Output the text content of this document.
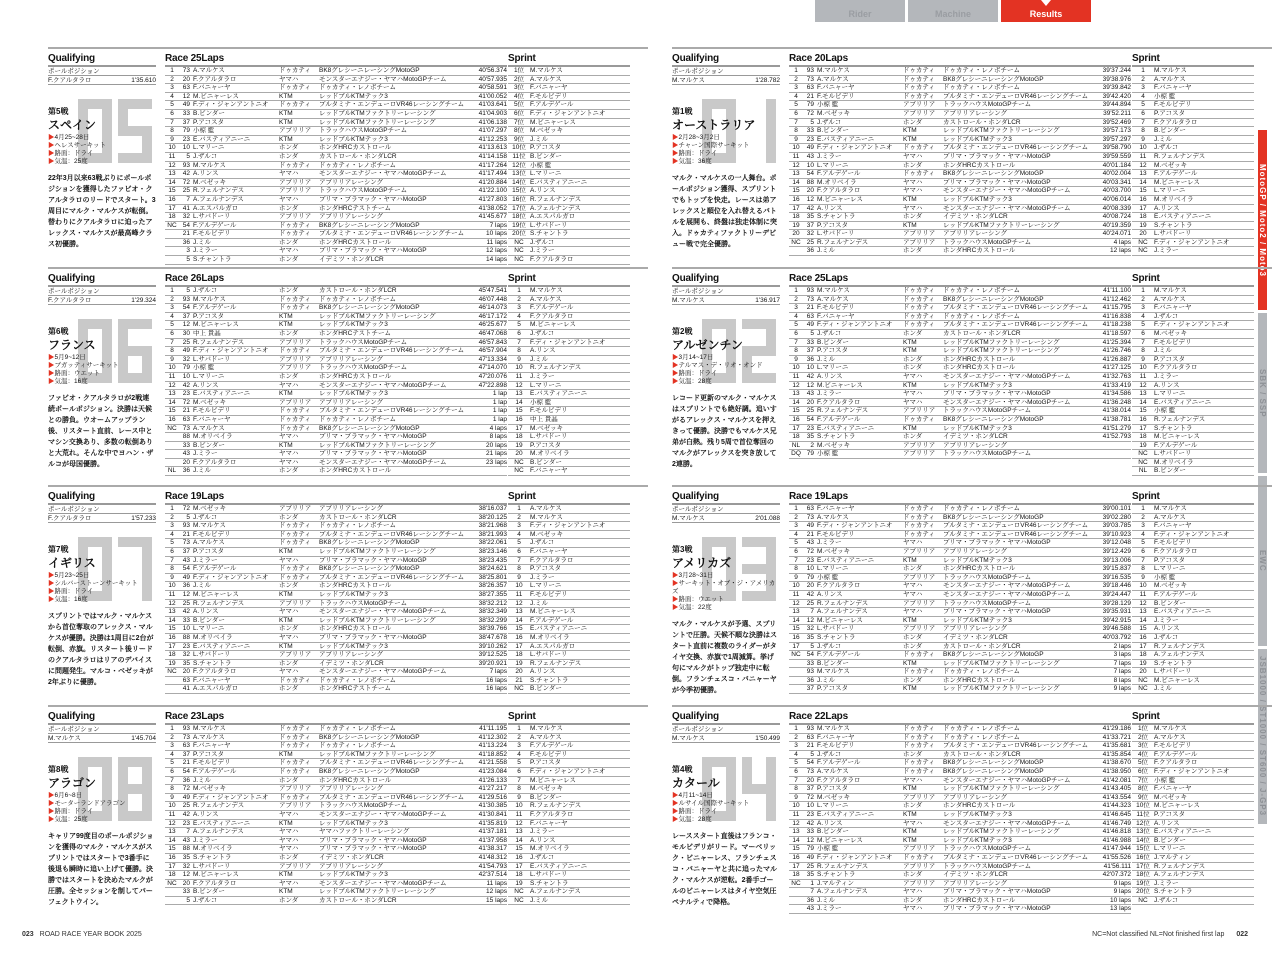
Rider	Machine	Results
MotoGP / Moto2 / Moto3
SBK / SSP
EWC
JSB1000 / ST1000 / ST600 / J-GP3
Qualifying
ポールポジション
F.クアルタラロ	1'35.610
第5戦
スペイン
▶4月25~28日
▶ヘレスサーキット
▶路面：ドライ
▶気温：25度
22年3月以来63戦ぶりにポールポジションを獲得したファビオ・クアルタラロのリードでスタート。3周目にマルク・マルケスが転倒。替わりにクアルタラロに迫ったアレックス・マルケスが最高峰クラス初優勝。
Race 25Laps
1	73 A.マルケス	ドゥカティ	BK8グレシーニレーシングMotoGP	40'56.374
2	20 F.クアルタラロ	ヤマハ	モンスターエナジー・ヤマハMotoGPチーム	40'57.935
3	63 F.バニャーヤ	ドゥカティ	ドゥカティ・レノボチーム	40'58.591
4	12 M.ビニャーレス	KTM	レッドブルKTMテック3	41'00.052
5	49 F.ディ・ジャンアントニオ	ドゥカティ	プルタミナ・エンデューロVR46レーシングチーム	41'03.641
6	33 B.ビンダー	KTM	レッドブルKTMファクトリーレーシング	41'04.903
7	37 P.アコスタ	KTM	レッドブルKTMファクトリーレーシング	41'06.138
8	79 小椋 藍	アプリリア	トラックハウスMotoGPチーム	41'07.297
9	23 E.バスティアニーニ	KTM	レッドブルKTMテック3	41'12.253
10	10 L.マリーニ	ホンダ	ホンダHRCカストロール	41'13.613
11	5 J.ザルコ	ホンダ	カストロール・ホンダLCR	41'14.158
12	93 M.マルケス	ドゥカティ	ドゥカティ・レノボチーム	41'17.264
13	42 A.リンス	ヤマハ	モンスターエナジー・ヤマハMotoGPチーム	41'17.494
14	72 M.ベゼッキ	アプリリア	アプリリアレーシング	41'20.884
15	25 R.フェルナンデス	アプリリア	トラックハウスMotoGPチーム	41'22.100
16	7 A.フェルナンデス	ヤマハ	プリマ・プラマック・ヤマハMotoGP	41'27.803
17	41 A.エスパルガロ	ホンダ	ホンダHRCテストチーム	41'38.052
18	32 L.サバドーリ	アプリリア	アプリリアレーシング	41'45.677
NC 54 F.アルデゲール	ドゥカティ	BK8グレシーニレーシングMotoGP	7 laps
21 F.モルビデリ	ドゥカティ	プルタミナ・エンデューロVR46レーシングチーム	10 laps
36 J.ミル	ホンダ	ホンダHRCカストロール	11 laps
3 J.ミラー	ヤマハ	プリマ・プラマック・ヤマハMotoGP	12 laps
5 S.チャントラ	ホンダ	イデミツ・ホンダLCR	14 laps
Sprint
1位 M.マルケス
2位 A.マルケス
3位 F.バニャーヤ
4位 F.モルビデリ
5位 F.アルデゲール
6位 F.ディ・ジャンアントニオ
7位 M.ビニャーレス
8位 M.ベゼッキ
9位 J.ミル
10位 P.アコスタ
11位 B.ビンダー
12位 小椋 藍
13位 L.マリーニ
14位 E.バスティアニーニ
15位 A.リンス
16位 R.フェルナンデス
17位 A.フェルナンデス
18位 A.エスパルガロ
19位 L.サバドーリ
20位 S.チャントラ
NC J.ザルコ
NC J.ミラー
NC F.クアルタラロ
Qualifying
ポールポジション
F.クアルタラロ	1'29.324
第6戦
フランス
▶5月9~12日
▶ブガッティサーキット
▶路面：ウエット
▶気温：16度
ファビオ・クアルタラロが2戦連続ポールポジション。決勝は天候との勝負。ウオームアップラン後、リスタート直前、レース中とマシン交換あり、多数の転倒ありと大荒れ。そんな中でヨハン・ザルコが母国優勝。
Race 26Laps
1	5 J.ザルコ	ホンダ	カストロール・ホンダLCR	45'47.541
2	93 M.マルケス	ドゥカティ	ドゥカティ・レノボチーム	46'07.448
3	54 F.アルデゲール	ドゥカティ	BK8グレシーニレーシングMotoGP	46'14.073
4	37 P.アコスタ	KTM	レッドブルKTMファクトリーレーシング	46'17.172
5	12 M.ビニャーレス	KTM	レッドブルKTMテック3	46'25.677
6	30 中上 貴晶	ホンダ	ホンダHRCテストチーム	46'47.068
7	25 R.フェルナンデス	アプリリア	トラックハウスMotoGPチーム	46'57.843
8	49 F.ディ・ジャンアントニオ	ドゥカティ	プルタミナ・エンデューロVR46レーシングチーム	46'57.904
9	32 L.サバドーリ	アプリリア	アプリリアレーシング	47'13.334
10	79 小椋 藍	アプリリア	トラックハウスMotoGPチーム	47'14.070
11	10 L.マリーニ	ホンダ	ホンダHRCカストロール	47'20.076
12	42 A.リンス	ヤマハ	モンスターエナジー・ヤマハMotoGPチーム	47'22.898
13	23 E.バスティアニーニ	KTM	レッドブルKTMテック3	1 lap
14	72 M.ベゼッキ	アプリリア	アプリリアレーシング	1 lap
15	21 F.モルビデリ	ドゥカティ	プルタミナ・エンデューロVR46レーシングチーム	1 lap
16	63 F.バニャーヤ	ドゥカティ	ドゥカティ・レノボチーム	1 lap
NC 73 A.マルケス	ドゥカティ	BK8グレシーニレーシングMotoGP	4 laps
88 M.オリベイラ	ヤマハ	プリマ・プラマック・ヤマハMotoGP	8 laps
33 B.ビンダー	KTM	レッドブルKTMファクトリーレーシング	20 laps
43 J.ミラー	ヤマハ	プリマ・プラマック・ヤマハMotoGP	21 laps
20 F.クアルタラロ	ヤマハ	モンスターエナジー・ヤマハMotoGPチーム	23 laps
NL	36 J.ミル	ホンダ	ホンダHRCカストロール
Sprint
1	M.マルケス
2	A.マルケス
3	F.アルデゲール
4	F.クアルタラロ
5	M.ビニャーレス
6	J.ザルコ
7	F.ディ・ジャンアントニオ
8	A.リンス
9	J.ミル
10	R.フェルナンデス
11	J.ミラー
12	L.マリーニ
13	E.バスティアニーニ
14	小椋 藍
15	F.モルビデリ
16	中上 貴晶
17	M.ベゼッキ
18	L.サバドーリ
19	P.アコスタ
20	M.オリベイラ
NC B.ビンダー
NC F.バニャーヤ
Qualifying
ポールポジション
F.クアルタラロ	1'57.233
第7戦
イギリス
▶5月23~25日
▶シルバーストーンサーキット
▶路面：ドライ
▶気温：16度
スプリントではマルク・マルケスから首位奪取のアレックス・マルケスが優勝。決勝は1周目に2台が転倒、赤旗。リスタート後リードのクアルタラロはリアのデバイスに問題発生。マルコ・ベゼッキが2年ぶりに優勝。
Race 19Laps
1	72 M.ベゼッキ	アプリリア	アプリリアレーシング	38'16.037
2	5 J.ザルコ	ホンダ	カストロール・ホンダLCR	38'20.125
3	93 M.マルケス	ドゥカティ	ドゥカティ・レノボチーム	38'21.968
4	21 F.モルビデリ	ドゥカティ	プルタミナ・エンデューロVR46レーシングチーム	38'21.993
5	73 A.マルケス	ドゥカティ	BK8グレシーニレーシングMotoGP	38'22.061
6	37 P.アコスタ	KTM	レッドブルKTMファクトリーレーシング	38'23.146
7	43 J.ミラー	ヤマハ	プリマ・プラマック・ヤマハMotoGP	38'23.435
8	54 F.アルデゲール	ドゥカティ	BK8グレシーニレーシングMotoGP	38'24.621
9	49 F.ディ・ジャンアントニオ	ドゥカティ	プルタミナ・エンデューロVR46レーシングチーム	38'25.801
10	36 J.ミル	ホンダ	ホンダHRCカストロール	38'26.357
11	12 M.ビニャーレス	KTM	レッドブルKTMテック3	38'27.355
12	25 R.フェルナンデス	アプリリア	トラックハウスMotoGPチーム	38'32.212
13	42 A.リンス	ヤマハ	モンスターエナジー・ヤマハMotoGPチーム	38'32.349
14	33 B.ビンダー	KTM	レッドブルKTMファクトリーレーシング	38'32.299
15	10 L.マリーニ	ホンダ	ホンダHRCカストロール	38'39.766
16	88 M.オリベイラ	ヤマハ	プリマ・プラマック・ヤマハMotoGP	38'47.678
17	23 E.バスティアニーニ	KTM	レッドブルKTMテック3	39'10.262
18	32 L.サバドーリ	アプリリア	アプリリアレーシング	39'12.525
19	35 S.チャントラ	ホンダ	イデミツ・ホンダLCR	39'20.921
NC 20 F.クアルタラロ	ヤマハ	モンスターエナジー・ヤマハMotoGPチーム	7 laps
63 F.バニャーヤ	ドゥカティ	ドゥカティ・レノボチーム	16 laps
41 A.エスパルガロ	ホンダ	ホンダHRCテストチーム	16 laps
Sprint
1	A.マルケス
2	M.マルケス
3	F.ディ・ジャンアントニオ
4	M.ベゼッキ
5	J.ザルコ
6	F.バニャーヤ
7	F.クアルタラロ
8	P.アコスタ
9	J.ミラー
10	L.マリーニ
11	F.モルビデリ
12	J.ミル
13	M.ビニャーレス
14	F.アルデゲール
15	E.バスティアニーニ
16	M.オリベイラ
17	A.エスパルガロ
18	L.サバドーリ
19	R.フェルナンデス
20	A.リンス
21	S.チャントラ
NC B.ビンダー
Qualifying
ポールポジション
M.マルケス	1'45.704
第8戦
アラゴン
▶6月6~8日
▶モーターランドアラゴン
▶路面：ドライ
▶気温：25度
キャリア99度目のポールポジションを獲得のマルク・マルケスがスプリントではスタートで3番手に後退も瞬時に追い上げて優勝。決勝ではスタートを決めたマルクが圧勝。全セッションを制してパーフェクトウイン。
Race 23Laps
1	93 M.マルケス	ドゥカティ	ドゥカティ・レノボチーム	41'11.195
2	73 A.マルケス	ドゥカティ	BK8グレシーニレーシングMotoGP	41'12.302
3	63 F.バニャーヤ	ドゥカティ	ドゥカティ・レノボチーム	41'13.224
4	37 P.アコスタ	KTM	レッドブルKTMファクトリーレーシング	41'18.852
5	21 F.モルビデリ	ドゥカティ	プルタミナ・エンデューロVR46レーシングチーム	41'21.558
6	54 F.アルデゲール	ドゥカティ	BK8グレシーニレーシングMotoGP	41'23.084
7	36 J.ミル	ホンダ	ホンダHRCカストロール	41'26.133
8	72 M.ベゼッキ	アプリリア	アプリリアレーシング	41'27.217
9	49 F.ディ・ジャンアントニオ	ドゥカティ	プルタミナ・エンデューロVR46レーシングチーム	41'29.516
10	25 R.フェルナンデス	アプリリア	トラックハウスMotoGPチーム	41'30.385
11	42 A.リンス	ヤマハ	モンスターエナジー・ヤマハMotoGPチーム	41'30.841
12	23 E.バスティアニーニ	KTM	レッドブルKTMテック3	41'35.819
13	7 A.フェルナンデス	ヤマハ	ヤマハファクトリーレーシング	41'37.181
14	43 J.ミラー	ヤマハ	プリマ・プラマック・ヤマハMotoGP	41'37.958
15	88 M.オリベイラ	ヤマハ	プリマ・プラマック・ヤマハMotoGP	41'38.317
16	35 S.チャントラ	ホンダ	イデミツ・ホンダLCR	41'48.312
17	32 L.サバドーリ	アプリリア	アプリリアレーシング	41'54.793
18	12 M.ビニャーレス	KTM	レッドブルKTMテック3	42'37.514
NC 20 F.クアルタラロ	ヤマハ	モンスターエナジー・ヤマハMotoGPチーム	11 laps
33 B.ビンダー	KTM	レッドブルKTMファクトリーレーシング	12 laps
5 J.ザルコ	ホンダ	カストロール・ホンダLCR	15 laps
Sprint
1	M.マルケス
2	A.マルケス
3	F.アルデゲール
4	F.モルビデリ
5	P.アコスタ
6	F.ディ・ジャンアントニオ
7	M.ビニャーレス
8	M.ベゼッキ
9	B.ビンダー
10	R.フェルナンデス
11	F.クアルタラロ
12	F.バニャーヤ
13	J.ミラー
14	A.リンス
15	M.オリベイラ
16	J.ザルコ
17	E.バスティアニーニ
18	L.サバドーリ
19	S.チャントラ
NC A.フェルナンデス
NC J.ミル
Qualifying
ポールポジション
M.マルケス	1'28.782
第1戦
オーストラリア
▶2月28~3月2日
▶チャーン国際サーキット
▶路面：ドライ
▶気温：36度
マルク・マルケスの一人舞台。ポールポジション獲得、スプリントでもトップを快走。レースは弟アレックスと順位を入れ替えるバトルを展開も、終盤は独走体制に突入。ドゥカティファクトリーデビュー戦で完全優勝。
Race 20Laps
1	93 M.マルケス	ドゥカティ	ドゥカティ・レノボチーム	39'37.244
2	73 A.マルケス	ドゥカティ	BK8グレシーニレーシングMotoGP	39'38.976
3	63 F.バニャーヤ	ドゥカティ	ドゥカティ・レノボチーム	39'39.842
4	21 F.モルビデリ	ドゥカティ	プルタミナ・エンデューロVR46レーシングチーム	39'42.420
5	79 小椋 藍	アプリリア	トラックハウスMotoGPチーム	39'44.894
6	72 M.ベゼッキ	アプリリア	アプリリアレーシング	39'52.211
7	5 J.ザルコ	ホンダ	カストロール・ホンダLCR	39'52.469
8	33 B.ビンダー	KTM	レッドブルKTMファクトリーレーシング	39'57.173
9	23 E.バスティアニーニ	KTM	レッドブルKTMテック3	39'57.297
10	49 F.ディ・ジャンアントニオ	ドゥカティ	プルタミナ・エンデューロVR46レーシングチーム	39'58.790
11	43 J.ミラー	ヤマハ	プリマ・プラマック・ヤマハMotoGP	39'59.559
12	10 L.マリーニ	ホンダ	ホンダHRCカストロール	40'01.184
13	54 F.アルデゲール	ドゥカティ	BK8グレシーニレーシングMotoGP	40'02.004
14	88 M.オリベイラ	ヤマハ	プリマ・プラマック・ヤマハMotoGP	40'03.341
15	20 F.クアルタラロ	ヤマハ	モンスターエナジー・ヤマハMotoGPチーム	40'03.700
16	12 M.ビニャーレス	KTM	レッドブルKTMテック3	40'06.014
17	42 A.リンス	ヤマハ	モンスターエナジー・ヤマハMotoGPチーム	40'08.339
18	35 S.チャントラ	ホンダ	イデミツ・ホンダLCR	40'08.724
19	37 P.アコスタ	KTM	レッドブルKTMファクトリーレーシング	40'19.359
20	32 L.サバドーリ	アプリリア	アプリリアレーシング	40'24.071
NC 25 R.フェルナンデス	アプリリア	トラックハウスMotoGPチーム	4 laps
36 J.ミル	ホンダ	ホンダHRCカストロール	12 laps
Sprint
1	M.マルケス
2	A.マルケス
3	F.バニャーヤ
4	小椋 藍
5	F.モルビデリ
6	P.アコスタ
7	F.クアルタラロ
8	B.ビンダー
9	J.ミル
10	J.ザルコ
11	R.フェルナンデス
12	M.ベゼッキ
13	F.アルデゲール
14	M.ビニャーレス
15	L.マリーニ
16	M.オリベイラ
17	A.リンス
18	E.バスティアニーニ
19	S.チャントラ
20	L.サバドーリ
NC F.ディ・ジャンアントニオ
NC J.ミラー
Qualifying
ポールポジション
M.マルケス	1'36.917
第2戦
アルゼンチン
▶3月14~17日
▶テルマス・デ・リオ・オンド
▶路面：ドライ
▶気温：28度
レコード更新のマルク・マルケスはスプリントでも絶好調。追いすがるアレックス・マルケスを押えきって優勝。決勝でもマルケス兄弟が白熱。残り5周で首位奪回のマルクがアレックスを突き放して2連勝。
Race 25Laps
1	93 M.マルケス	ドゥカティ	ドゥカティ・レノボチーム	41'11.100
2	73 A.マルケス	ドゥカティ	BK8グレシーニレーシングMotoGP	41'12.462
3	21 F.モルビデリ	ドゥカティ	プルタミナ・エンデューロVR46レーシングチーム	41'15.795
4	63 F.バニャーヤ	ドゥカティ	ドゥカティ・レノボチーム	41'16.838
5	49 F.ディ・ジャンアントニオ	ドゥカティ	プルタミナ・エンデューロVR46レーシングチーム	41'18.238
6	5 J.ザルコ	ホンダ	カストロール・ホンダLCR	41'18.597
7	33 B.ビンダー	KTM	レッドブルKTMファクトリーレーシング	41'25.394
8	37 P.アコスタ	KTM	レッドブルKTMファクトリーレーシング	41'26.746
9	36 J.ミル	ホンダ	ホンダHRCカストロール	41'26.887
10	10 L.マリーニ	ホンダ	ホンダHRCカストロール	41'27.125
11	42 A.リンス	ヤマハ	モンスターエナジー・ヤマハMotoGPチーム	41'32.763
12	12 M.ビニャーレス	KTM	レッドブルKTMテック3	41'33.419
13	43 J.ミラー	ヤマハ	プリマ・プラマック・ヤマハMotoGP	41'34.586
14	20 F.クアルタラロ	ヤマハ	モンスターエナジー・ヤマハMotoGPチーム	41'36.248
15	25 R.フェルナンデス	アプリリア	トラックハウスMotoGPチーム	41'38.014
16	54 F.アルデゲール	ドゥカティ	BK8グレシーニレーシングMotoGP	41'38.781
17	23 E.バスティアニーニ	KTM	レッドブルKTMテック3	41'51.279
18	35 S.チャントラ	ホンダ	イデミツ・ホンダLCR	41'52.793
NL	2 M.ベゼッキ	アプリリア	アプリリアレーシング
DQ 79 小椋 藍	アプリリア	トラックハウスMotoGPチーム
Sprint
1	M.マルケス
2	A.マルケス
3	F.バニャーヤ
4	J.ザルコ
5	F.ディ・ジャンアントニオ
6	M.ベゼッキ
7	F.モルビデリ
8	J.ミル
9	P.アコスタ
10	F.クアルタラロ
11	J.ミラー
12	A.リンス
13	L.マリーニ
14	E.バスティアニーニ
15	小椋 藍
16	R.フェルナンデス
17	S.チャントラ
18	M.ビニャーレス
19	F.アルデゲール
NC L.サバドーリ
NC M.オリベイラ
NL	B.ビンダー
Qualifying
ポールポジション
M.マルケス	2'01.088
第3戦
アメリカズ
▶3月28~31日
▶サーキット・オブ・ジ・アメリカズ
▶路面：ウエット
▶気温：22度
マルク・マルケスが予選、スプリントで圧勝。天候不順な決勝はスタート直前に複数のライダーがタイヤ交換、赤旗で1周減算。挙げ句にマルクがトップ独走中に転倒。フランチェスコ・バニャーヤが今季初優勝。
Race 19Laps
1	63 F.バニャーヤ	ドゥカティ	ドゥカティ・レノボチーム	39'00.101
2	73 A.マルケス	ドゥカティ	BK8グレシーニレーシングMotoGP	39'02.280
3	49 F.ディ・ジャンアントニオ	ドゥカティ	プルタミナ・エンデューロVR46レーシングチーム	39'03.785
4	21 F.モルビデリ	ドゥカティ	プルタミナ・エンデューロVR46レーシングチーム	39'10.923
5	43 J.ミラー	ヤマハ	プリマ・プラマック・ヤマハMotoGP	39'12.048
6	72 M.ベゼッキ	アプリリア	アプリリアレーシング	39'12.429
7	23 E.バスティアニーニ	KTM	レッドブルKTMテック3	39'13.006
8	10 L.マリーニ	ホンダ	ホンダHRCカストロール	39'15.837
9	79 小椋 藍	アプリリア	トラックハウスMotoGPチーム	39'16.535
10	20 F.クアルタラロ	ヤマハ	モンスターエナジー・ヤマハMotoGPチーム	39'18.446
11	42 A.リンス	ヤマハ	モンスターエナジー・ヤマハMotoGPチーム	39'24.447
12	25 R.フェルナンデス	アプリリア	トラックハウスMotoGPチーム	39'28.129
13	7 A.フェルナンデス	ヤマハ	プリマ・プラマック・ヤマハMotoGP	39'35.931
14	12 M.ビニャーレス	KTM	レッドブルKTMテック3	39'42.915
15	32 L.サバドーリ	アプリリア	アプリリアレーシング	39'46.588
16	35 S.チャントラ	ホンダ	イデミツ・ホンダLCR	40'03.792
17	5 J.ザルコ	ホンダ	カストロール・ホンダLCR	2 laps
NC 54 F.アルデゲール	ドゥカティ	BK8グレシーニレーシングMotoGP	3 laps
33 B.ビンダー	KTM	レッドブルKTMファクトリーレーシング	7 laps
93 M.マルケス	ドゥカティ	ドゥカティ・レノボチーム	7 laps
36 J.ミル	ホンダ	ホンダHRCカストロール	8 laps
37 P.アコスタ	KTM	レッドブルKTMファクトリーレーシング	9 laps
Sprint
1	M.マルケス
2	A.マルケス
3	F.バニャーヤ
4	F.ディ・ジャンアントニオ
5	F.モルビデリ
6	F.クアルタラロ
7	P.アコスタ
8	L.マリーニ
9	小椋 藍
10	M.ベゼッキ
11	F.アルデゲール
12	B.ビンダー
13	E.バスティアニーニ
14	J.ミラー
15	A.リンス
16	J.ザルコ
17	R.フェルナンデス
18	A.フェルナンデス
19	S.チャントラ
20	L.サバドーリ
NC M.ビニャーレス
NC J.ミル
Qualifying
ポールポジション
M.マルケス	1'50.499
第4戦
カタール
▶4月11~14日
▶ルサイル国際サーキット
▶路面：ドライ
▶気温：28度
レーススタート直後はフランコ・モルビデリがリード。マーベリック・ビニャーレス、フランチェスコ・バニャーヤと共に追ったマルク・マルケスが逆転。2番手ゴールのビニャーレスはタイヤ空気圧ペナルティで降格。
Race 22Laps
1	93 M.マルケス	ドゥカティ	ドゥカティ・レノボチーム	41'29.186
2	63 F.バニャーヤ	ドゥカティ	ドゥカティ・レノボチーム	41'33.721
3	21 F.モルビデリ	ドゥカティ	プルタミナ・エンデューロVR46レーシングチーム	41'35.681
4	5 J.ザルコ	ホンダ	カストロール・ホンダLCR	41'35.854
5	54 F.アルデゲール	ドゥカティ	BK8グレシーニレーシングMotoGP	41'38.670
6	73 A.マルケス	ドゥカティ	BK8グレシーニレーシングMotoGP	41'38.950
7	20 F.クアルタラロ	ヤマハ	モンスターエナジー・ヤマハMotoGPチーム	41'42.081
8	37 P.アコスタ	KTM	レッドブルKTMファクトリーレーシング	41'43.405
9	72 M.ベゼッキ	アプリリア	アプリリアレーシング	41'43.554
10	10 L.マリーニ	ホンダ	ホンダHRCカストロール	41'44.323
11	23 E.バスティアニーニ	KTM	レッドブルKTMテック3	41'46.645
12	42 A.リンス	ヤマハ	モンスターエナジー・ヤマハMotoGPチーム	41'46.749
13	33 B.ビンダー	KTM	レッドブルKTMファクトリーレーシング	41'46.818
14	12 M.ビニャーレス	KTM	レッドブルKTMテック3	41'46.988
15	79 小椋 藍	アプリリア	トラックハウスMotoGPチーム	41'47.944
16	49 F.ディ・ジャンアントニオ	ドゥカティ	プルタミナ・エンデューロVR46レーシングチーム	41'55.526
17	25 R.フェルナンデス	アプリリア	トラックハウスMotoGPチーム	41'56.111
18	35 S.チャントラ	ホンダ	イデミツ・ホンダLCR	42'07.372
NC	1 J.マルティン	アプリリア	アプリリアレーシング	9 laps
7 A.フェルナンデス	ヤマハ	プリマ・プラマック・ヤマハMotoGP	9 laps
36 J.ミル	ホンダ	ホンダHRCカストロール	10 laps
43 J.ミラー	ヤマハ	プリマ・プラマック・ヤマハMotoGP	13 laps
Sprint
1位 M.マルケス
2位 A.マルケス
3位 F.モルビデリ
4位 F.アルデゲール
5位 F.クアルタラロ
6位 F.ディ・ジャンアントニオ
7位 小椋 藍
8位 F.バニャーヤ
9位 M.ベゼッキ
10位 M.ビニャーレス
11位 P.アコスタ
12位 A.リンス
13位 E.バスティアニーニ
14位 B.ビンダー
15位 L.マリーニ
16位 J.マルティン
17位 R.フェルナンデス
18位 A.フェルナンデス
19位 J.ミラー
20位 S.チャントラ
NC J.ザルコ
023 ROAD RACE YEAR BOOK 2025	NC=Not classified NL=Not finished first lap 022
